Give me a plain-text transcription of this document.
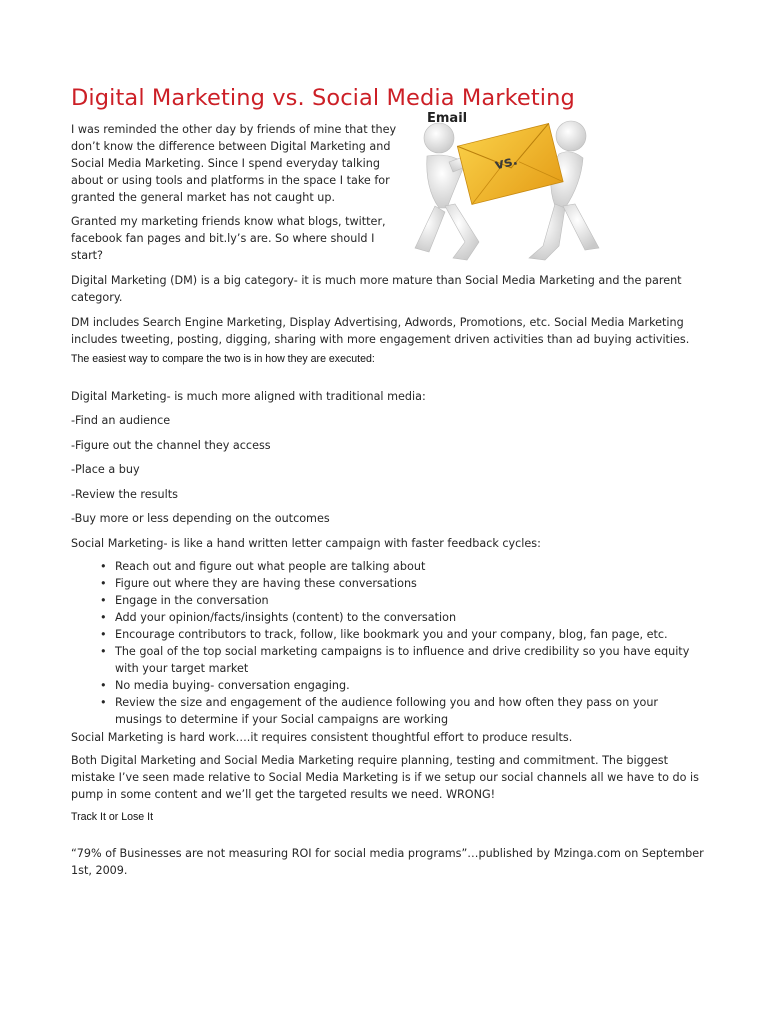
Digital Marketing vs. Social Media Marketing
vs.
Email

I was reminded the other day by friends of mine that they don’t know the difference between Digital Marketing and Social Media Marketing. Since I spend everyday talking about or using tools and platforms in the space I take for granted the general market has not caught up.

Granted my marketing friends know what blogs, twitter, facebook fan pages and bit.ly’s are. So where should I start?

Digital Marketing (DM) is a big category- it is much more mature than Social Media Marketing and the parent category.

DM includes Search Engine Marketing, Display Advertising, Adwords, Promotions, etc. Social Media Marketing includes tweeting, posting, digging, sharing with more engagement driven activities than ad buying activities.

The easiest way to compare the two is in how they are executed:

Digital Marketing- is much more aligned with traditional media:

-Find an audience

-Figure out the channel they access

-Place a buy

-Review the results

-Buy more or less depending on the outcomes

Social Marketing- is like a hand written letter campaign with faster feedback cycles:

• Reach out and figure out what people are talking about
• Figure out where they are having these conversations
• Engage in the conversation
• Add your opinion/facts/insights (content) to the conversation
• Encourage contributors to track, follow, like bookmark you and your company, blog, fan page, etc.
• The goal of the top social marketing campaigns is to influence and drive credibility so you have equity with your target market
• No media buying- conversation engaging.
• Review the size and engagement of the audience following you and how often they pass on your musings to determine if your Social campaigns are working

Social Marketing is hard work….it requires consistent thoughtful effort to produce results.

Both Digital Marketing and Social Media Marketing require planning, testing and commitment. The biggest mistake I’ve seen made relative to Social Media Marketing is if we setup our social channels all we have to do is pump in some content and we’ll get the targeted results we need. WRONG!

Track It or Lose It

“79% of Businesses are not measuring ROI for social media programs”…published by Mzinga.com on September 1st, 2009.
